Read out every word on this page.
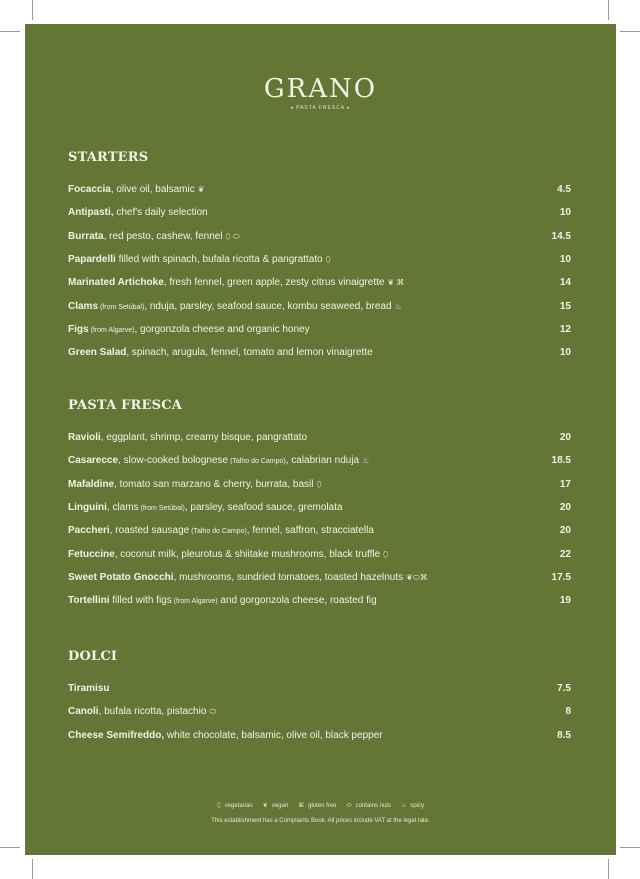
GRANO
◂ PASTA FRESCA ▸
STARTERS
Focaccia, olive oil, balsamic ❦	4.5
Antipasti, chef's daily selection	10
Burrata, red pesto, cashew, fennel ⬯ ⬭	14.5
Papardelli filled with spinach, bufala ricotta & pangrattato ⬯	10
Marinated Artichoke, fresh fennel, green apple, zesty citrus vinaigrette ❦ ⌘	14
Clams (from Setúbal), nduja, parsley, seafood sauce, kombu seaweed, bread ♨	15
Figs (from Algarve), gorgonzola cheese and organic honey	12
Green Salad, spinach, arugula, fennel, tomato and lemon vinaigrette	10
PASTA FRESCA
Ravioli, eggplant, shrimp, creamy bisque, pangrattato	20
Casarecce, slow-cooked bolognese (Talho do Campo), calabrian nduja ♨	18.5
Mafaldine, tomato san marzano & cherry, burrata, basil ⬯	17
Linguini, clams (from Setúbal), parsley, seafood sauce, gremolata	20
Paccheri, roasted sausage (Talho do Campo), fennel, saffron, stracciatella	20
Fetuccine, coconut milk, pleurotus & shiitake mushrooms, black truffle ⬯	22
Sweet Potato Gnocchi, mushrooms, sundried tomatoes, toasted hazelnuts ❦⬭⌘	17.5
Tortellini filled with figs (from Algarve) and gorgonzola cheese, roasted fig	19
DOLCI
Tiramisu	7.5
Canoli, bufala ricotta, pistachio ⬭	8
Cheese Semifreddo, white chocolate, balsamic, olive oil, black pepper	8.5
⬯ vegetarian ❦ vegan ⌘ gluten free ⬭ contains nuts ♨ spicy
This establishment has a Complaints Book. All prices include VAT at the legal rate.
